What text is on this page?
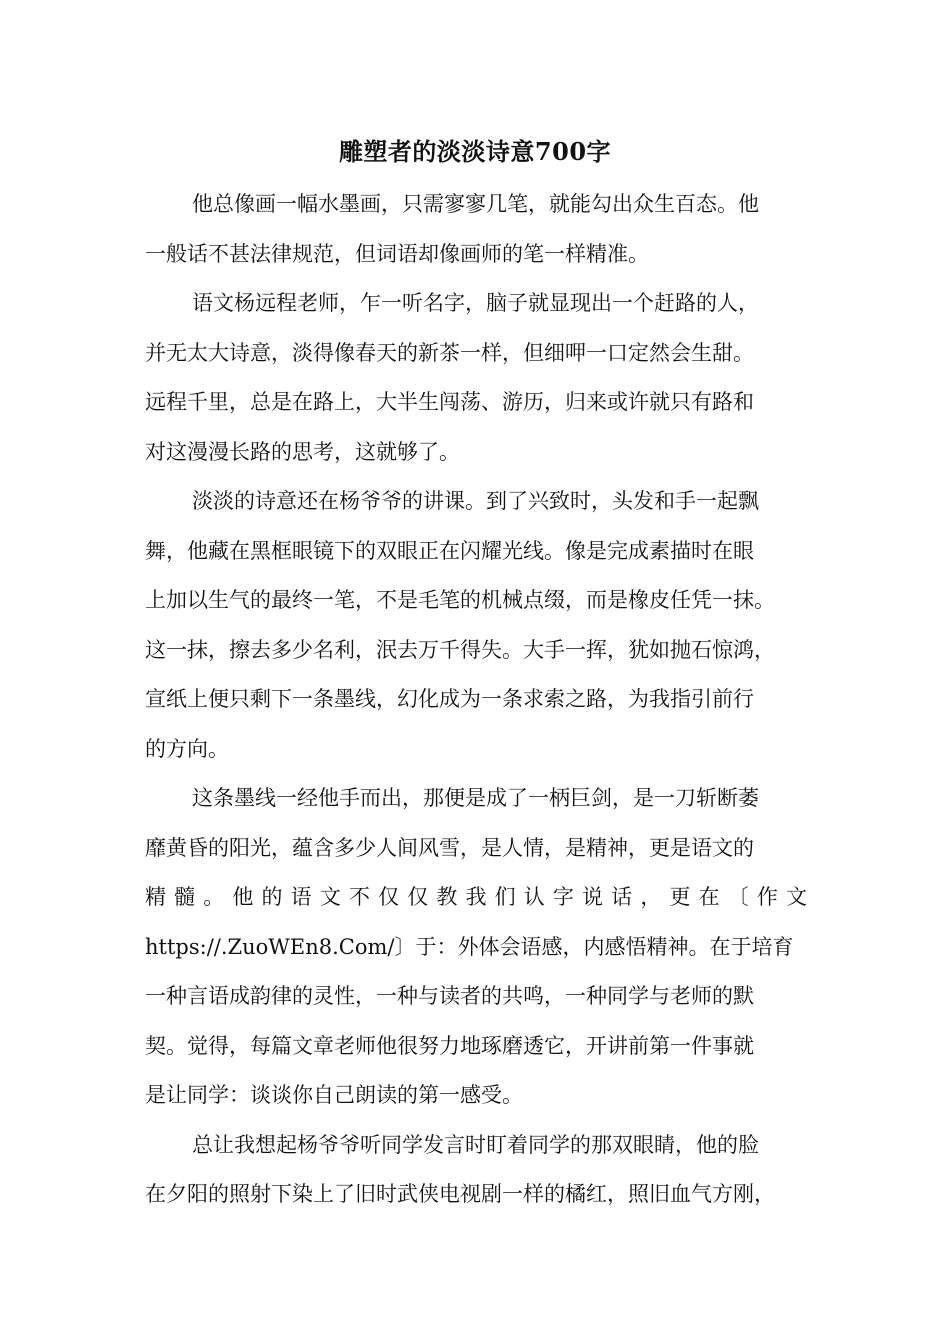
雕塑者的淡淡诗意700字
他总像画一幅水墨画，只需寥寥几笔，就能勾出众生百态。他
一般话不甚法律规范，但词语却像画师的笔一样精准。
语文杨远程老师，乍一听名字，脑子就显现出一个赶路的人，
并无太大诗意，淡得像春天的新茶一样，但细呷一口定然会生甜。
远程千里，总是在路上，大半生闯荡、游历，归来或许就只有路和
对这漫漫长路的思考，这就够了。
淡淡的诗意还在杨爷爷的讲课。到了兴致时，头发和手一起飘
舞，他藏在黑框眼镜下的双眼正在闪耀光线。像是完成素描时在眼
上加以生气的最终一笔，不是毛笔的机械点缀，而是橡皮任凭一抹。
这一抹，擦去多少名利，泯去万千得失。大手一挥，犹如抛石惊鸿，
宣纸上便只剩下一条墨线，幻化成为一条求索之路，为我指引前行
的方向。
这条墨线一经他手而出，那便是成了一柄巨剑，是一刀斩断萎
靡黄昏的阳光，蕴含多少人间风雪，是人情，是精神，更是语文的
精髓。他的语文不仅仅教我们认字说话，更在〔作文
https://.ZuoWEn8.Com/〕于：外体会语感，内感悟精神。在于培育
一种言语成韵律的灵性，一种与读者的共鸣，一种同学与老师的默
契。觉得，每篇文章老师他很努力地琢磨透它，开讲前第一件事就
是让同学：谈谈你自己朗读的第一感受。
总让我想起杨爷爷听同学发言时盯着同学的那双眼睛，他的脸
在夕阳的照射下染上了旧时武侠电视剧一样的橘红，照旧血气方刚，
